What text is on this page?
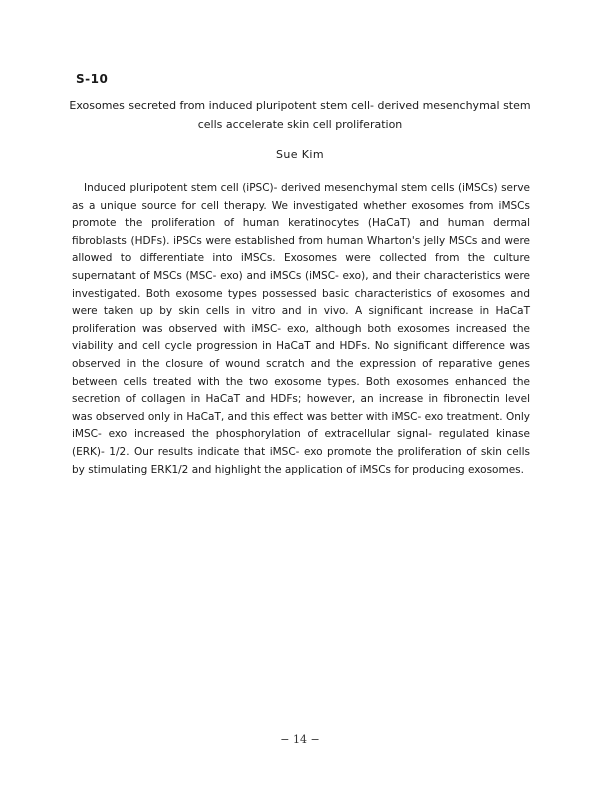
S-10
Exosomes secreted from induced pluripotent stem cell- derived mesenchymal stem cells accelerate skin cell proliferation
Sue Kim

Induced pluripotent stem cell (iPSC)- derived mesenchymal stem cells (iMSCs) serve as a unique source for cell therapy. We investigated whether exosomes from iMSCs promote the proliferation of human keratinocytes (HaCaT) and human dermal fibroblasts (HDFs). iPSCs were established from human Wharton's jelly MSCs and were allowed to differentiate into iMSCs. Exosomes were collected from the culture supernatant of MSCs (MSC- exo) and iMSCs (iMSC- exo), and their characteristics were investigated. Both exosome types possessed basic characteristics of exosomes and were taken up by skin cells in vitro and in vivo. A significant increase in HaCaT proliferation was observed with iMSC- exo, although both exosomes increased the viability and cell cycle progression in HaCaT and HDFs. No significant difference was observed in the closure of wound scratch and the expression of reparative genes between cells treated with the two exosome types. Both exosomes enhanced the secretion of collagen in HaCaT and HDFs; however, an increase in fibronectin level was observed only in HaCaT, and this effect was better with iMSC- exo treatment. Only iMSC- exo increased the phosphorylation of extracellular signal- regulated kinase (ERK)- 1/2. Our results indicate that iMSC- exo promote the proliferation of skin cells by stimulating ERK1/2 and highlight the application of iMSCs for producing exosomes.

− 14 −
